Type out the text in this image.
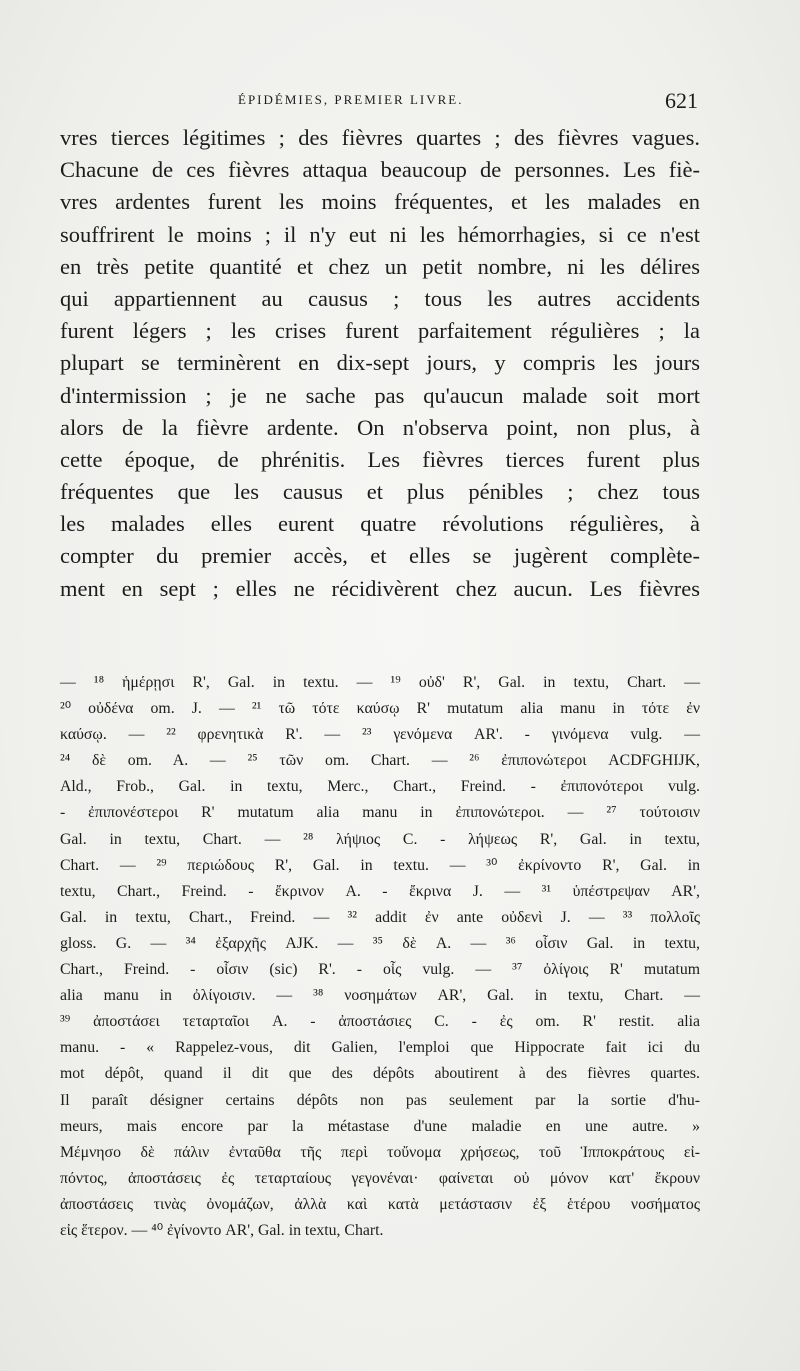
ÉPIDÉMIES, PREMIER LIVRE.	621
vres tierces légitimes ; des fièvres quartes ; des fièvres vagues.
Chacune de ces fièvres attaqua beaucoup de personnes. Les fiè-
vres ardentes furent les moins fréquentes, et les malades en
souffrirent le moins ; il n'y eut ni les hémorrhagies, si ce n'est
en très petite quantité et chez un petit nombre, ni les délires
qui appartiennent au causus ; tous les autres accidents
furent légers ; les crises furent parfaitement régulières ; la
plupart se terminèrent en dix-sept jours, y compris les jours
d'intermission ; je ne sache pas qu'aucun malade soit mort
alors de la fièvre ardente. On n'observa point, non plus, à
cette époque, de phrénitis. Les fièvres tierces furent plus
fréquentes que les causus et plus pénibles ; chez tous
les malades elles eurent quatre révolutions régulières, à
compter du premier accès, et elles se jugèrent complète-
ment en sept ; elles ne récidivèrent chez aucun. Les fièvres
— ¹⁸ ἡμέρῃσι R', Gal. in textu. — ¹⁹ οὐδ' R', Gal. in textu, Chart. —
²⁰ οὐδένα om. J. — ²¹ τῶ τότε καύσῳ R' mutatum alia manu in τότε ἐν
καύσῳ. — ²² φρενητικὰ R'. — ²³ γενόμενα AR'. - γινόμενα vulg. —
²⁴ δὲ om. A. — ²⁵ τῶν om. Chart. — ²⁶ ἐπιπονώτεροι ACDFGHIJK,
Ald., Frob., Gal. in textu, Merc., Chart., Freind. - ἐπιπονότεροι vulg.
- ἐπιπονέστεροι R' mutatum alia manu in ἐπιπονώτεροι. — ²⁷ τούτοισιν
Gal. in textu, Chart. — ²⁸ λήψιος C. - λήψεως R', Gal. in textu,
Chart. — ²⁹ περιώδους R', Gal. in textu. — ³⁰ ἐκρίνοντο R', Gal. in
textu, Chart., Freind. - ἔκρινον A. - ἔκρινα J. — ³¹ ὑπέστρεψαν AR',
Gal. in textu, Chart., Freind. — ³² addit ἐν ante οὐδενὶ J. — ³³ πολλοῖς
gloss. G. — ³⁴ ἐξαρχῆς AJK. — ³⁵ δὲ A. — ³⁶ οἷσιν Gal. in textu,
Chart., Freind. - οἷσιν (sic) R'. - οἷς vulg. — ³⁷ ὀλίγοις R' mutatum
alia manu in ὀλίγοισιν. — ³⁸ νοσημάτων AR', Gal. in textu, Chart. —
³⁹ ἀποστάσει τεταρταῖοι A. - ἀποστάσιες C. - ἐς om. R' restit. alia
manu. - « Rappelez-vous, dit Galien, l'emploi que Hippocrate fait ici du
mot dépôt, quand il dit que des dépôts aboutirent à des fièvres quartes.
Il paraît désigner certains dépôts non pas seulement par la sortie d'hu-
meurs, mais encore par la métastase d'une maladie en une autre. »
Μέμνησο δὲ πάλιν ἐνταῦθα τῆς περὶ τοὔνομα χρήσεως, τοῦ Ἱπποκράτους εἰ-
πόντος, ἀποστάσεις ἐς τεταρταίους γεγονέναι· φαίνεται οὐ μόνον κατ' ἔκρουν
ἀποστάσεις τινὰς ὀνομάζων, ἀλλὰ καὶ κατὰ μετάστασιν ἐξ ἑτέρου νοσήματος
εἰς ἕτερον. — ⁴⁰ ἐγίνοντο AR', Gal. in textu, Chart.
